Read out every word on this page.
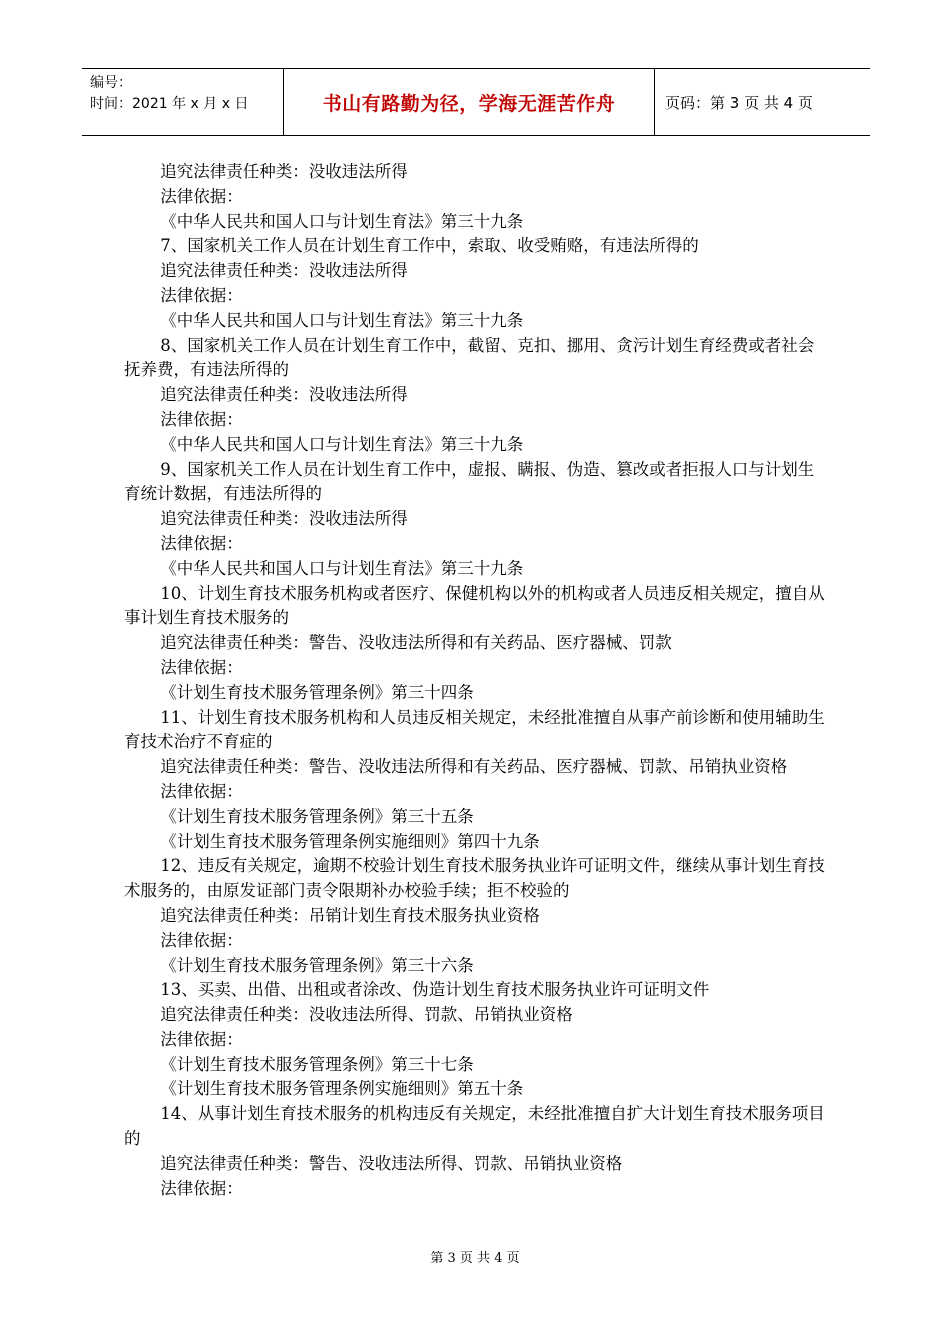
编号：
时间：2021 年 x 月 x 日	书山有路勤为径，学海无涯苦作舟	页码：第 3 页 共 4 页

追究法律责任种类：没收违法所得

法律依据：

《中华人民共和国人口与计划生育法》第三十九条

7、国家机关工作人员在计划生育工作中，索取、收受贿赂，有违法所得的

追究法律责任种类：没收违法所得

法律依据：

《中华人民共和国人口与计划生育法》第三十九条

8、国家机关工作人员在计划生育工作中，截留、克扣、挪用、贪污计划生育经费或者社会抚养费，有违法所得的

追究法律责任种类：没收违法所得

法律依据：

《中华人民共和国人口与计划生育法》第三十九条

9、国家机关工作人员在计划生育工作中，虚报、瞒报、伪造、篡改或者拒报人口与计划生育统计数据，有违法所得的

追究法律责任种类：没收违法所得

法律依据：

《中华人民共和国人口与计划生育法》第三十九条

10、计划生育技术服务机构或者医疗、保健机构以外的机构或者人员违反相关规定，擅自从事计划生育技术服务的

追究法律责任种类：警告、没收违法所得和有关药品、医疗器械、罚款

法律依据：

《计划生育技术服务管理条例》第三十四条

11、计划生育技术服务机构和人员违反相关规定，未经批准擅自从事产前诊断和使用辅助生育技术治疗不育症的

追究法律责任种类：警告、没收违法所得和有关药品、医疗器械、罚款、吊销执业资格

法律依据：

《计划生育技术服务管理条例》第三十五条

《计划生育技术服务管理条例实施细则》第四十九条

12、违反有关规定，逾期不校验计划生育技术服务执业许可证明文件，继续从事计划生育技术服务的，由原发证部门责令限期补办校验手续；拒不校验的

追究法律责任种类：吊销计划生育技术服务执业资格

法律依据：

《计划生育技术服务管理条例》第三十六条

13、买卖、出借、出租或者涂改、伪造计划生育技术服务执业许可证明文件

追究法律责任种类：没收违法所得、罚款、吊销执业资格

法律依据：

《计划生育技术服务管理条例》第三十七条

《计划生育技术服务管理条例实施细则》第五十条

14、从事计划生育技术服务的机构违反有关规定，未经批准擅自扩大计划生育技术服务项目的

追究法律责任种类：警告、没收违法所得、罚款、吊销执业资格

法律依据：

第 3 页 共 4 页
